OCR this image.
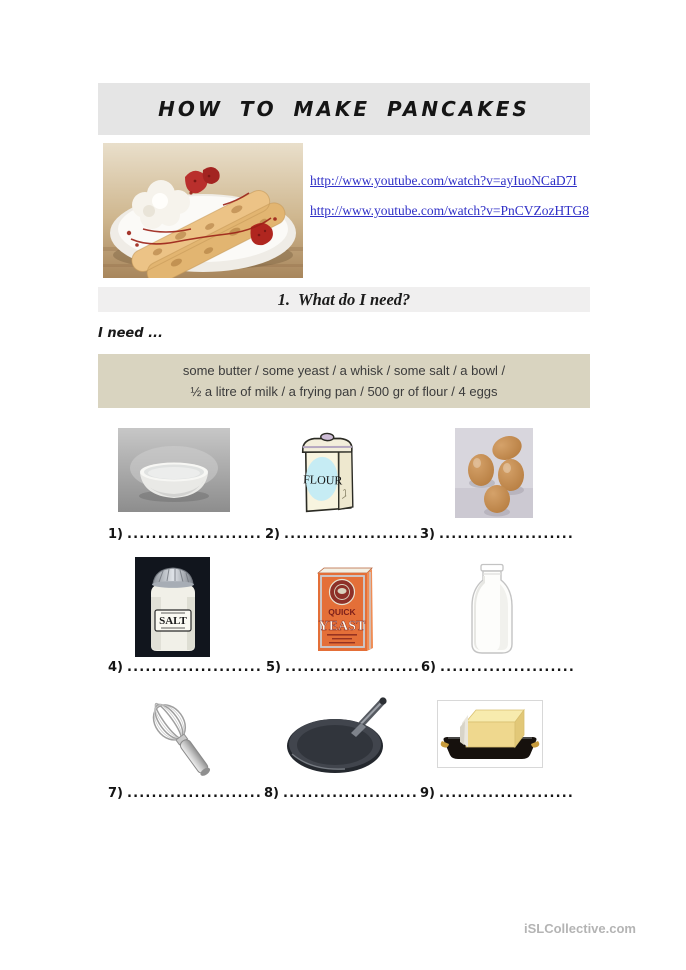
HOW TO MAKE PANCAKES
http://www.youtube.com/watch?v=ayIuoNCaD7I
http://www.youtube.com/watch?v=PnCVZozHTG8
1.  What do I need?

I need ...

some butter / some yeast / a whisk / some salt / a bowl /
½ a litre of milk / a frying pan / 500 gr of flour / 4 eggs
FLOUR
SALT
QUICK
YEAST
1) ...................... 2) ...................... 3) ......................
4) ...................... 5) ...................... 6) ......................
7) ...................... 8) ...................... 9) ......................
iSLCollective.com
